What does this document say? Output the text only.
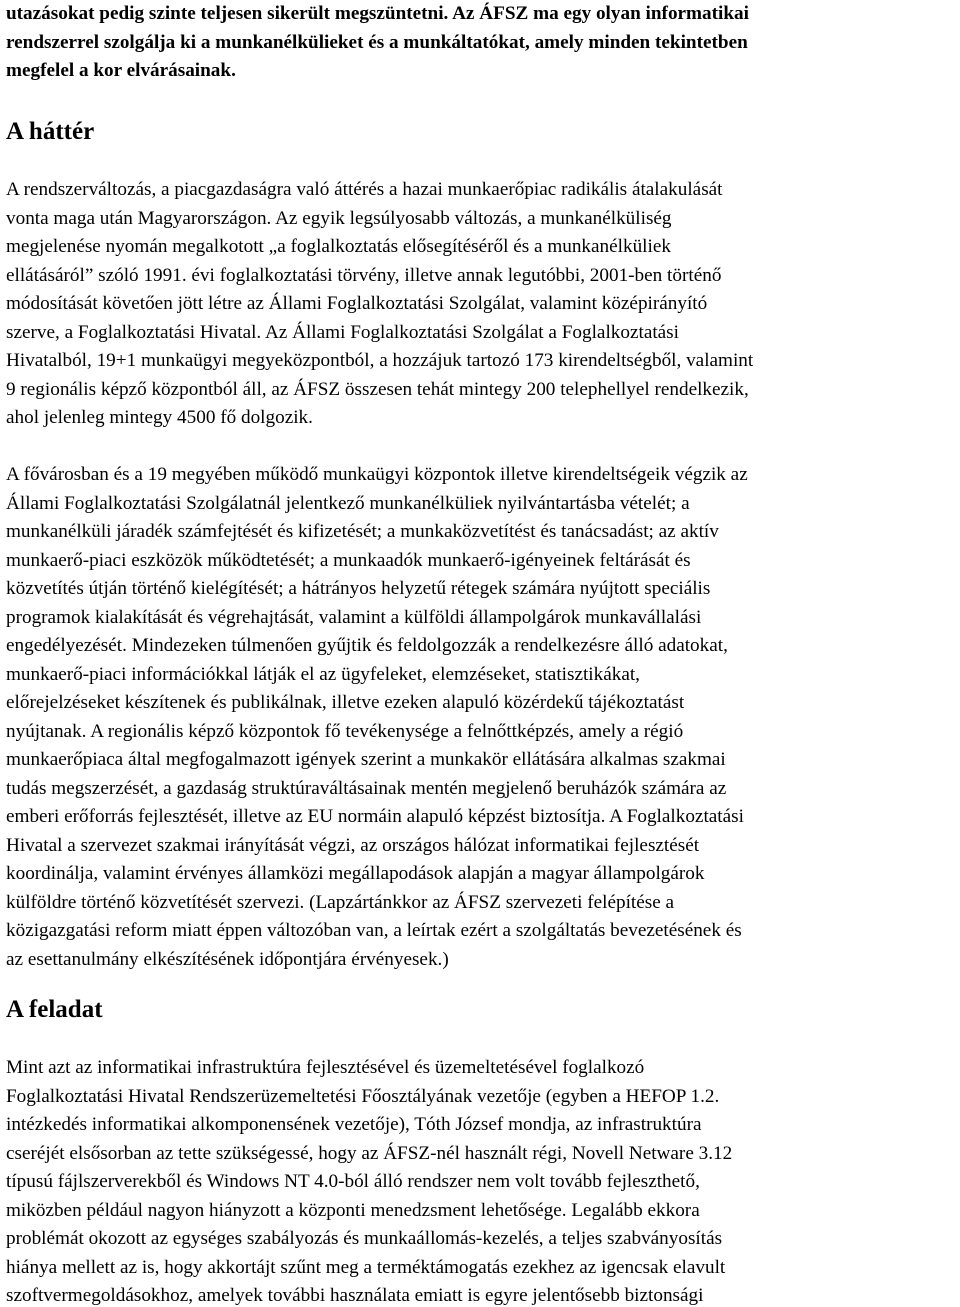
utazásokat pedig szinte teljesen sikerült megszüntetni. Az ÁFSZ ma egy olyan informatikai
rendszerrel szolgálja ki a munkanélkülieket és a munkáltatókat, amely minden tekintetben
megfelel a kor elvárásainak.
A háttér
A rendszerváltozás, a piacgazdaságra való áttérés a hazai munkaerőpiac radikális átalakulását
vonta maga után Magyarországon. Az egyik legsúlyosabb változás, a munkanélküliség
megjelenése nyomán megalkotott „a foglalkoztatás elősegítéséről és a munkanélküliek
ellátásáról” szóló 1991. évi foglalkoztatási törvény, illetve annak legutóbbi, 2001-ben történő
módosítását követően jött létre az Állami Foglalkoztatási Szolgálat, valamint középirányító
szerve, a Foglalkoztatási Hivatal. Az Állami Foglalkoztatási Szolgálat a Foglalkoztatási
Hivatalból, 19+1 munkaügyi megyeközpontból, a hozzájuk tartozó 173 kirendeltségből, valamint
9 regionális képző központból áll, az ÁFSZ összesen tehát mintegy 200 telephellyel rendelkezik,
ahol jelenleg mintegy 4500 fő dolgozik.
A fővárosban és a 19 megyében működő munkaügyi központok illetve kirendeltségeik végzik az
Állami Foglalkoztatási Szolgálatnál jelentkező munkanélküliek nyilvántartásba vételét; a
munkanélküli járadék számfejtését és kifizetését; a munkaközvetítést és tanácsadást; az aktív
munkaerő-piaci eszközök működtetését; a munkaadók munkaerő-igényeinek feltárását és
közvetítés útján történő kielégítését; a hátrányos helyzetű rétegek számára nyújtott speciális
programok kialakítását és végrehajtását, valamint a külföldi állampolgárok munkavállalási
engedélyezését. Mindezeken túlmenően gyűjtik és feldolgozzák a rendelkezésre álló adatokat,
munkaerő-piaci információkkal látják el az ügyfeleket, elemzéseket, statisztikákat,
előrejelzéseket készítenek és publikálnak, illetve ezeken alapuló közérdekű tájékoztatást
nyújtanak. A regionális képző központok fő tevékenysége a felnőttképzés, amely a régió
munkaerőpiaca által megfogalmazott igények szerint a munkakör ellátására alkalmas szakmai
tudás megszerzését, a gazdaság struktúraváltásainak mentén megjelenő beruházók számára az
emberi erőforrás fejlesztését, illetve az EU normáin alapuló képzést biztosítja. A Foglalkoztatási
Hivatal a szervezet szakmai irányítását végzi, az országos hálózat informatikai fejlesztését
koordinálja, valamint érvényes államközi megállapodások alapján a magyar állampolgárok
külföldre történő közvetítését szervezi. (Lapzártánkkor az ÁFSZ szervezeti felépítése a
közigazgatási reform miatt éppen változóban van, a leírtak ezért a szolgáltatás bevezetésének és
az esettanulmány elkészítésének időpontjára érvényesek.)
A feladat
Mint azt az informatikai infrastruktúra fejlesztésével és üzemeltetésével foglalkozó
Foglalkoztatási Hivatal Rendszerüzemeltetési Főosztályának vezetője (egyben a HEFOP 1.2.
intézkedés informatikai alkomponensének vezetője), Tóth József mondja, az infrastruktúra
cseréjét elsősorban az tette szükségessé, hogy az ÁFSZ-nél használt régi, Novell Netware 3.12
típusú fájlszerverekből és Windows NT 4.0-ból álló rendszer nem volt tovább fejleszthető,
miközben például nagyon hiányzott a központi menedzsment lehetősége. Legalább ekkora
problémát okozott az egységes szabályozás és munkaállomás-kezelés, a teljes szabványosítás
hiánya mellett az is, hogy akkortájt szűnt meg a terméktámogatás ezekhez az igencsak elavult
szoftvermegoldásokhoz, amelyek további használata emiatt is egyre jelentősebb biztonsági
